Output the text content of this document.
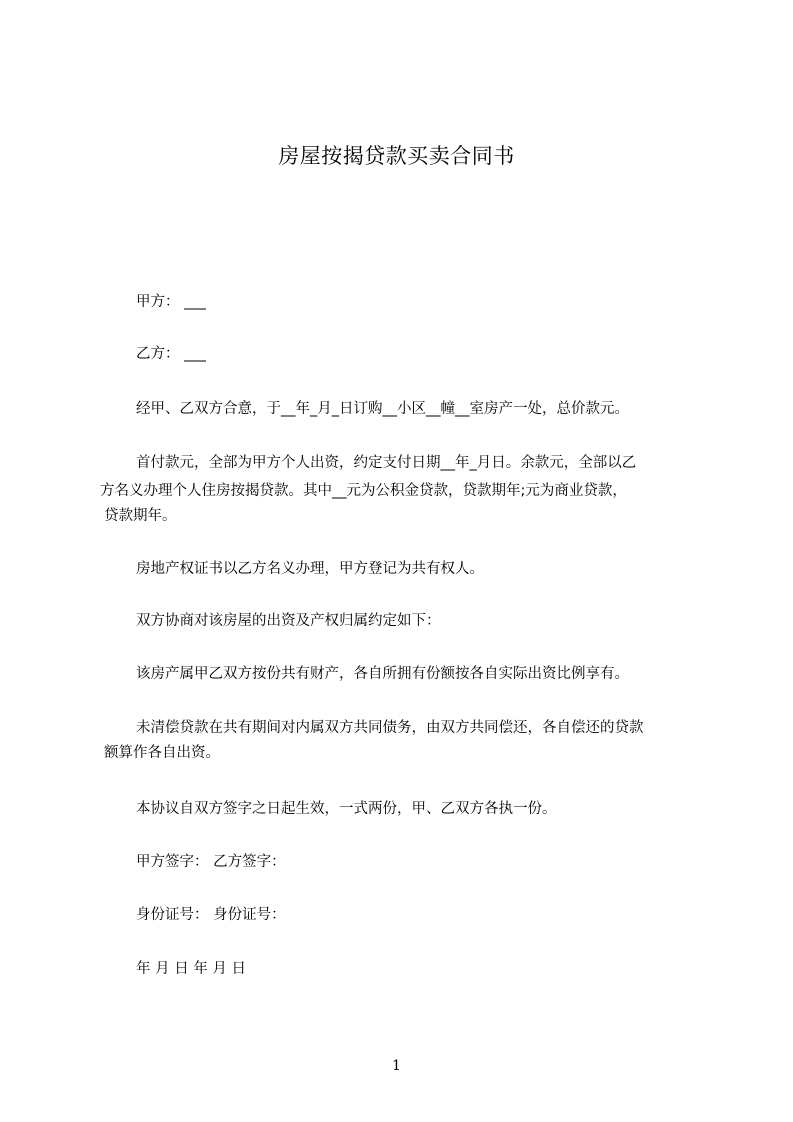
房屋按揭贷款买卖合同书
甲方： ___
乙方： ___
经甲、乙双方合意，于__年_月_日订购__小区__幢__室房产一处，总价款元。
首付款元，全部为甲方个人出资，约定支付日期__年_月日。余款元，全部以乙
方名义办理个人住房按揭贷款。其中__元为公积金贷款，贷款期年;元为商业贷款，
贷款期年。
房地产权证书以乙方名义办理，甲方登记为共有权人。
双方协商对该房屋的出资及产权归属约定如下：
该房产属甲乙双方按份共有财产，各自所拥有份额按各自实际出资比例享有。
未清偿贷款在共有期间对内属双方共同债务，由双方共同偿还，各自偿还的贷款
额算作各自出资。
本协议自双方签字之日起生效，一式两份，甲、乙双方各执一份。
甲方签字： 乙方签字：
身份证号： 身份证号：
年 月 日 年 月 日
1
